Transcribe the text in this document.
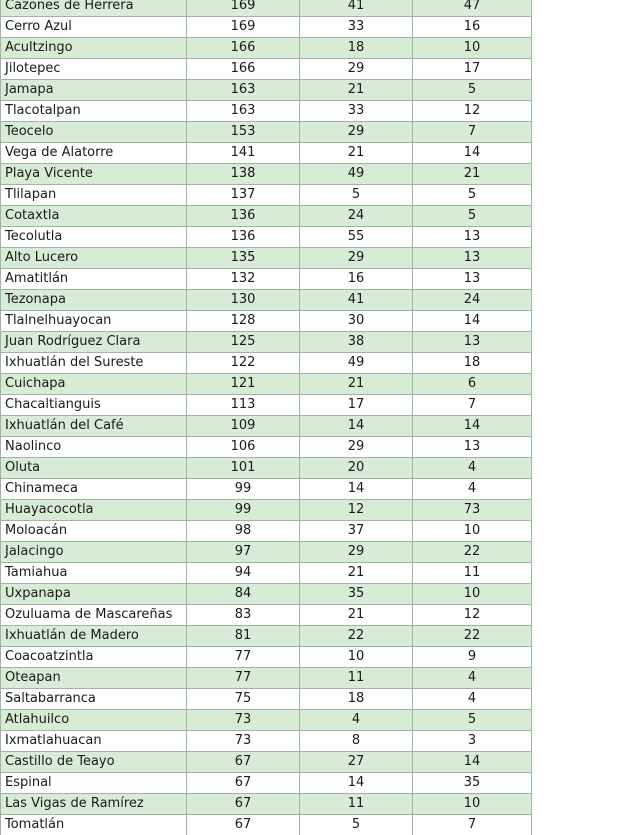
Cazones de Herrera	169	41	47
Cerro Azul	169	33	16
Acultzingo	166	18	10
Jilotepec	166	29	17
Jamapa	163	21	5
Tlacotalpan	163	33	12
Teocelo	153	29	7
Vega de Alatorre	141	21	14
Playa Vicente	138	49	21
Tlilapan	137	5	5
Cotaxtla	136	24	5
Tecolutla	136	55	13
Alto Lucero	135	29	13
Amatitlán	132	16	13
Tezonapa	130	41	24
Tlalnelhuayocan	128	30	14
Juan Rodríguez Clara	125	38	13
Ixhuatlán del Sureste	122	49	18
Cuichapa	121	21	6
Chacaltianguis	113	17	7
Ixhuatlán del Café	109	14	14
Naolinco	106	29	13
Oluta	101	20	4
Chinameca	99	14	4
Huayacocotla	99	12	73
Moloacán	98	37	10
Jalacingo	97	29	22
Tamiahua	94	21	11
Uxpanapa	84	35	10
Ozuluama de Mascareñas	83	21	12
Ixhuatlán de Madero	81	22	22
Coacoatzintla	77	10	9
Oteapan	77	11	4
Saltabarranca	75	18	4
Atlahuilco	73	4	5
Ixmatlahuacan	73	8	3
Castillo de Teayo	67	27	14
Espinal	67	14	35
Las Vigas de Ramírez	67	11	10
Tomatlán	67	5	7
